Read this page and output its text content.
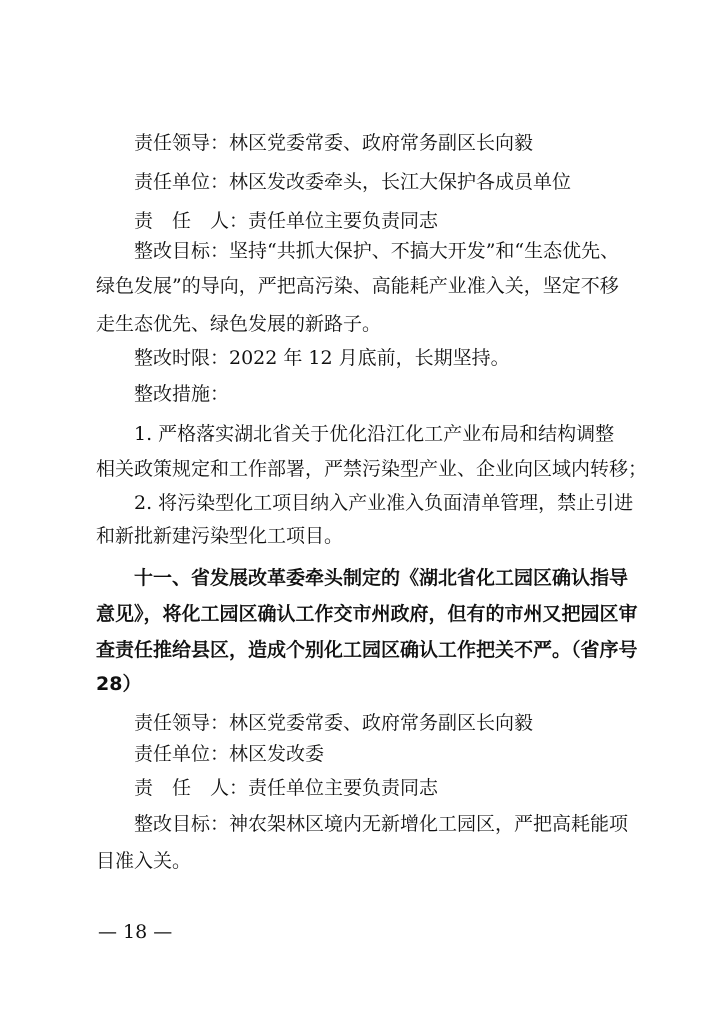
责任领导：林区党委常委、政府常务副区长向毅
责任单位：林区发改委牵头，长江大保护各成员单位
责　任　人：责任单位主要负责同志
整改目标：坚持“共抓大保护、不搞大开发”和“生态优先、
绿色发展”的导向，严把高污染、高能耗产业准入关，坚定不移
走生态优先、绿色发展的新路子。
整改时限：2022 年 12 月底前，长期坚持。
整改措施：
1. 严格落实湖北省关于优化沿江化工产业布局和结构调整
相关政策规定和工作部署，严禁污染型产业、企业向区域内转移；
2. 将污染型化工项目纳入产业准入负面清单管理，禁止引进
和新批新建污染型化工项目。
十一、省发展改革委牵头制定的《湖北省化工园区确认指导
意见》，将化工园区确认工作交市州政府，但有的市州又把园区审
查责任推给县区，造成个别化工园区确认工作把关不严。（省序号
28）
责任领导：林区党委常委、政府常务副区长向毅
责任单位：林区发改委
责　任　人：责任单位主要负责同志
整改目标：神农架林区境内无新增化工园区，严把高耗能项
目准入关。
— 18 —
